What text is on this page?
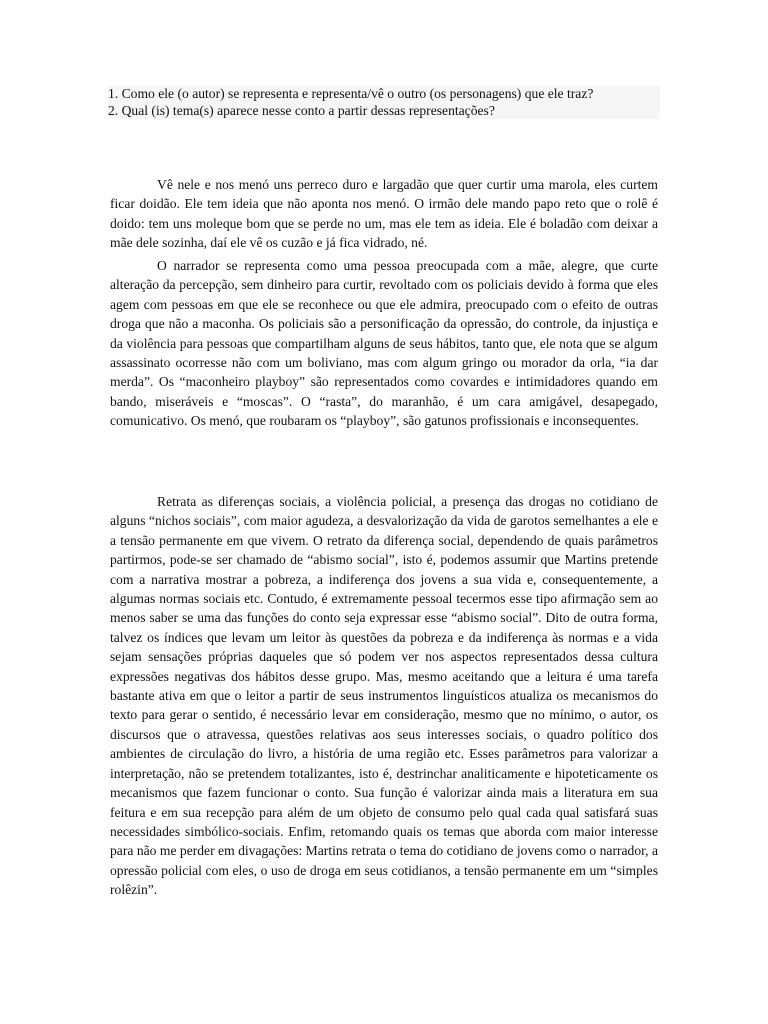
1. Como ele (o autor) se representa e representa/vê o outro (os personagens) que ele traz?

2. Qual (is) tema(s) aparece nesse conto a partir dessas representações?

Vê nele e nos menó uns perreco duro e largadão que quer curtir uma marola, eles curtem ficar doidão. Ele tem ideia que não aponta nos menó. O irmão dele mando papo reto que o rolê é doido: tem uns moleque bom que se perde no um, mas ele tem as ideia. Ele é boladão com deixar a mãe dele sozinha, daí ele vê os cuzão e já fica vidrado, né.

O narrador se representa como uma pessoa preocupada com a mãe, alegre, que curte alteração da percepção, sem dinheiro para curtir, revoltado com os policiais devido à forma que eles agem com pessoas em que ele se reconhece ou que ele admira, preocupado com o efeito de outras droga que não a maconha. Os policiais são a personificação da opressão, do controle, da injustiça e da violência para pessoas que compartilham alguns de seus hábitos, tanto que, ele nota que se algum assassinato ocorresse não com um boliviano, mas com algum gringo ou morador da orla, “ia dar merda”. Os “maconheiro playboy” são representados como covardes e intimidadores quando em bando, miseráveis e “moscas”. O “rasta”, do maranhão, é um cara amigável, desapegado, comunicativo. Os menó, que roubaram os “playboy”, são gatunos profissionais e inconsequentes.

Retrata as diferenças sociais, a violência policial, a presença das drogas no cotidiano de alguns “nichos sociais”, com maior agudeza, a desvalorização da vida de garotos semelhantes a ele e a tensão permanente em que vivem. O retrato da diferença social, dependendo de quais parâmetros partirmos, pode-se ser chamado de “abismo social”, isto é, podemos assumir que Martins pretende com a narrativa mostrar a pobreza, a indiferença dos jovens a sua vida e, consequentemente, a algumas normas sociais etc. Contudo, é extremamente pessoal tecermos esse tipo afirmação sem ao menos saber se uma das funções do conto seja expressar esse “abismo social”. Dito de outra forma, talvez os índices que levam um leitor às questões da pobreza e da indiferença às normas e a vida sejam sensações próprias daqueles que só podem ver nos aspectos representados dessa cultura expressões negativas dos hábitos desse grupo. Mas, mesmo aceitando que a leitura é uma tarefa bastante ativa em que o leitor a partir de seus instrumentos linguísticos atualiza os mecanismos do texto para gerar o sentido, é necessário levar em consideração, mesmo que no mínimo, o autor, os discursos que o atravessa, questões relativas aos seus interesses sociais, o quadro político dos ambientes de circulação do livro, a história de uma região etc. Esses parâmetros para valorizar a interpretação, não se pretendem totalizantes, isto é, destrinchar analiticamente e hipoteticamente os mecanismos que fazem funcionar o conto. Sua função é valorizar ainda mais a literatura em sua feitura e em sua recepção para além de um objeto de consumo pelo qual cada qual satisfará suas necessidades simbólico-sociais. Enfim, retomando quais os temas que aborda com maior interesse para não me perder em divagações: Martins retrata o tema do cotidiano de jovens como o narrador, a opressão policial com eles, o uso de droga em seus cotidianos, a tensão permanente em um “simples rolêzin”.
